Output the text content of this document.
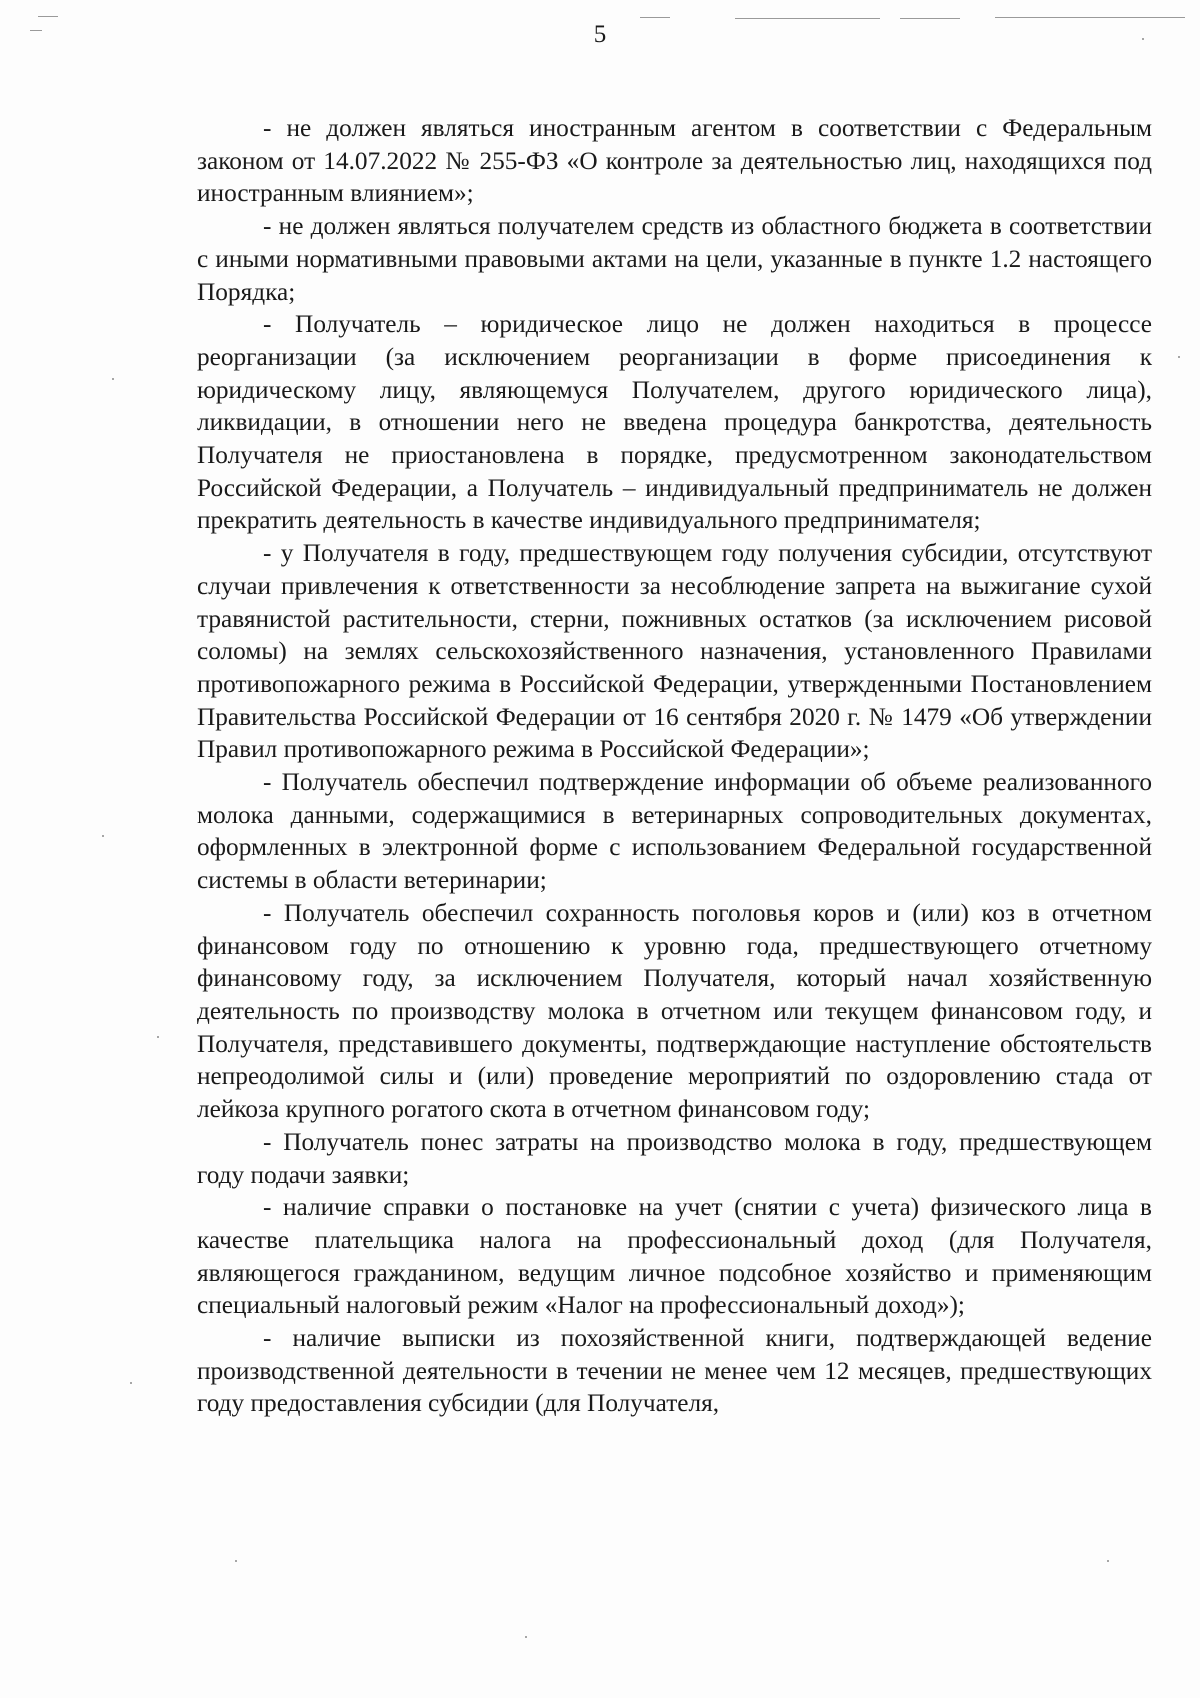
5

- не должен являться иностранным агентом в соответствии с Федеральным законом от 14.07.2022 № 255-ФЗ «О контроле за деятельностью лиц, находящихся под иностранным влиянием»;

- не должен являться получателем средств из областного бюджета в соответствии с иными нормативными правовыми актами на цели, указанные в пункте 1.2 настоящего Порядка;

- Получатель – юридическое лицо не должен находиться в процессе реорганизации (за исключением реорганизации в форме присоединения к юридическому лицу, являющемуся Получателем, другого юридического лица), ликвидации, в отношении него не введена процедура банкротства, деятельность Получателя не приостановлена в порядке, предусмотренном законодательством Российской Федерации, а Получатель – индивидуальный предприниматель не должен прекратить деятельность в качестве индивидуального предпринимателя;

- у Получателя в году, предшествующем году получения субсидии, отсутствуют случаи привлечения к ответственности за несоблюдение запрета на выжигание сухой травянистой растительности, стерни, пожнивных остатков (за исключением рисовой соломы) на землях сельскохозяйственного назначения, установленного Правилами противопожарного режима в Российской Федерации, утвержденными Постановлением Правительства Российской Федерации от 16 сентября 2020 г. № 1479 «Об утверждении Правил противопожарного режима в Российской Федерации»;

- Получатель обеспечил подтверждение информации об объеме реализованного молока данными, содержащимися в ветеринарных сопроводительных документах, оформленных в электронной форме с использованием Федеральной государственной системы в области ветеринарии;

- Получатель обеспечил сохранность поголовья коров и (или) коз в отчетном финансовом году по отношению к уровню года, предшествующего отчетному финансовому году, за исключением Получателя, который начал хозяйственную деятельность по производству молока в отчетном или текущем финансовом году, и Получателя, представившего документы, подтверждающие наступление обстоятельств непреодолимой силы и (или) проведение мероприятий по оздоровлению стада от лейкоза крупного рогатого скота в отчетном финансовом году;

- Получатель понес затраты на производство молока в году, предшествующем году подачи заявки;

- наличие справки о постановке на учет (снятии с учета) физического лица в качестве плательщика налога на профессиональный доход (для Получателя, являющегося гражданином, ведущим личное подсобное хозяйство и применяющим специальный налоговый режим «Налог на профессиональный доход»);

- наличие выписки из похозяйственной книги, подтверждающей ведение производственной деятельности в течении не менее чем 12 месяцев, предшествующих году предоставления субсидии (для Получателя,
